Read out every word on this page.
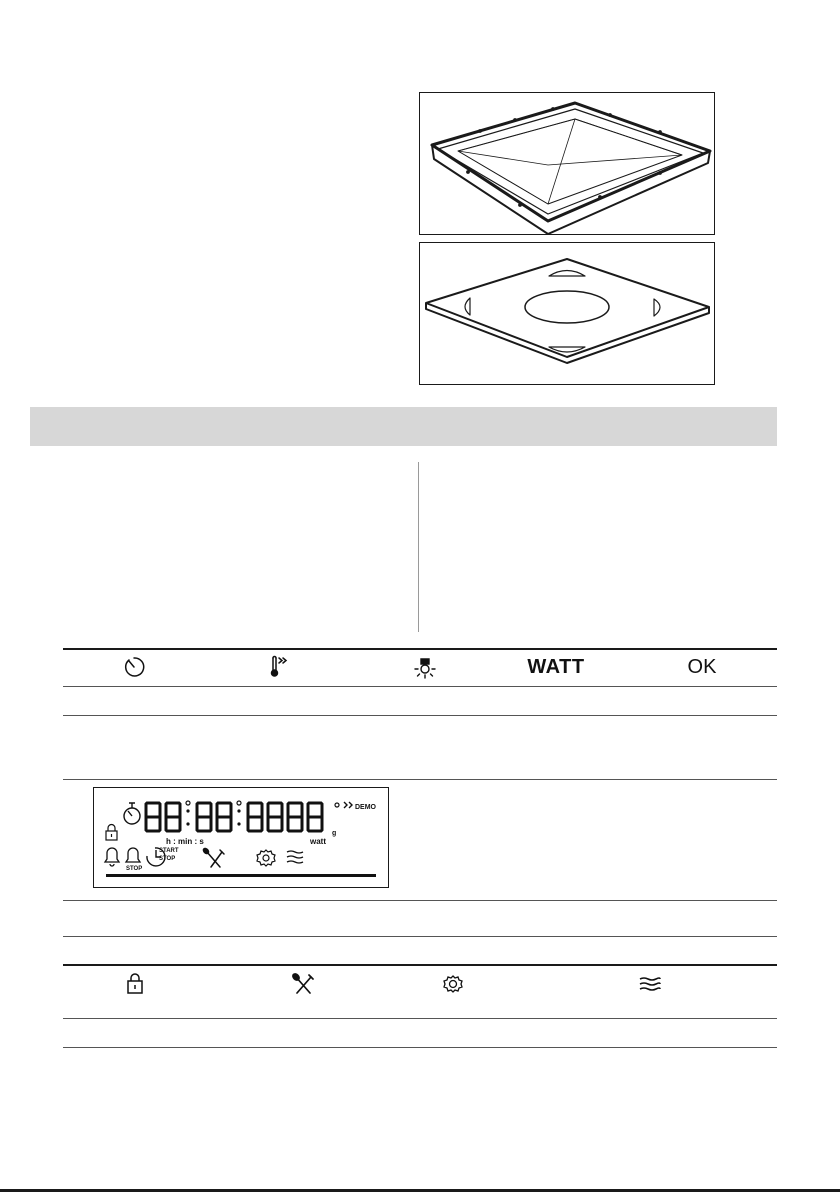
WATT	OK
DEMO
h : min : s	watt
g
STOP
START
STOP
